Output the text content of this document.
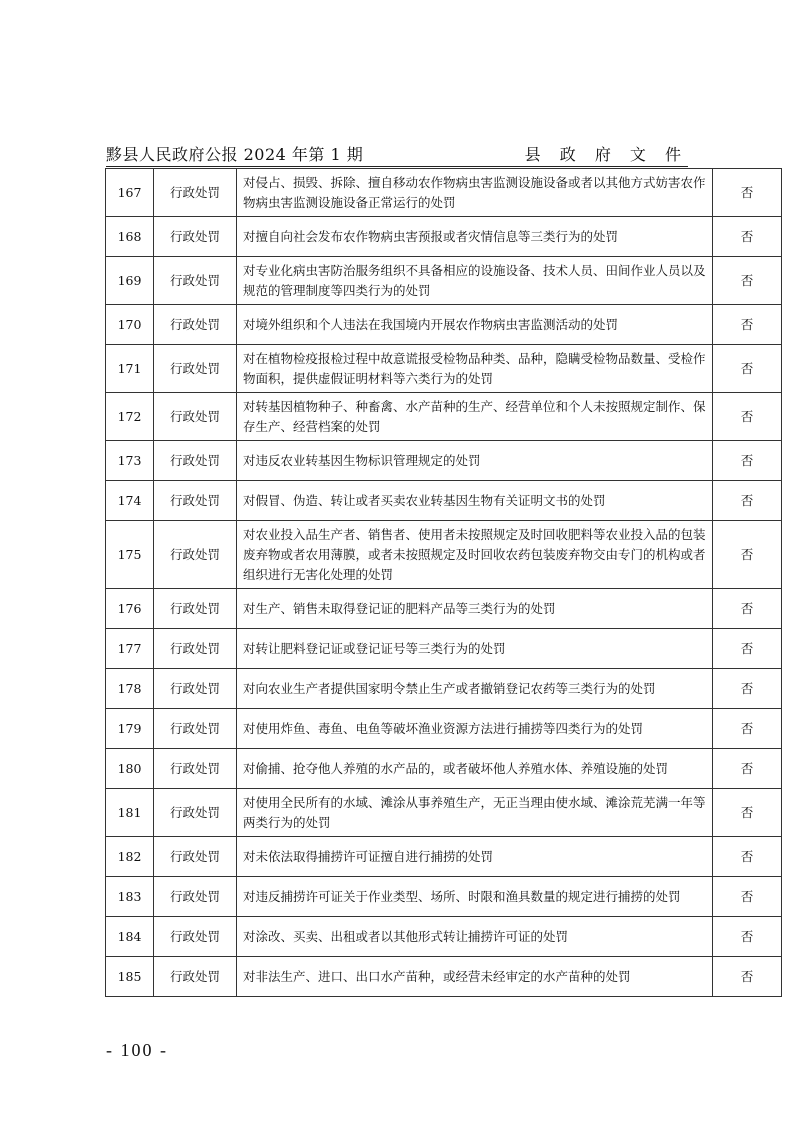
黟县人民政府公报 2024 年第 1 期	县 政 府 文 件
167	行政处罚	对侵占、损毁、拆除、擅自移动农作物病虫害监测设施设备或者以其他方式妨害农作物病虫害监测设施设备正常运行的处罚	否
168	行政处罚	对擅自向社会发布农作物病虫害预报或者灾情信息等三类行为的处罚	否
169	行政处罚	对专业化病虫害防治服务组织不具备相应的设施设备、技术人员、田间作业人员以及规范的管理制度等四类行为的处罚	否
170	行政处罚	对境外组织和个人违法在我国境内开展农作物病虫害监测活动的处罚	否
171	行政处罚	对在植物检疫报检过程中故意谎报受检物品种类、品种，隐瞒受检物品数量、受检作物面积，提供虚假证明材料等六类行为的处罚	否
172	行政处罚	对转基因植物种子、种畜禽、水产苗种的生产、经营单位和个人未按照规定制作、保存生产、经营档案的处罚	否
173	行政处罚	对违反农业转基因生物标识管理规定的处罚	否
174	行政处罚	对假冒、伪造、转让或者买卖农业转基因生物有关证明文书的处罚	否
175	行政处罚	对农业投入品生产者、销售者、使用者未按照规定及时回收肥料等农业投入品的包装废弃物或者农用薄膜，或者未按照规定及时回收农药包装废弃物交由专门的机构或者组织进行无害化处理的处罚	否
176	行政处罚	对生产、销售未取得登记证的肥料产品等三类行为的处罚	否
177	行政处罚	对转让肥料登记证或登记证号等三类行为的处罚	否
178	行政处罚	对向农业生产者提供国家明令禁止生产或者撤销登记农药等三类行为的处罚	否
179	行政处罚	对使用炸鱼、毒鱼、电鱼等破坏渔业资源方法进行捕捞等四类行为的处罚	否
180	行政处罚	对偷捕、抢夺他人养殖的水产品的，或者破坏他人养殖水体、养殖设施的处罚	否
181	行政处罚	对使用全民所有的水域、滩涂从事养殖生产，无正当理由使水域、滩涂荒芜满一年等两类行为的处罚	否
182	行政处罚	对未依法取得捕捞许可证擅自进行捕捞的处罚	否
183	行政处罚	对违反捕捞许可证关于作业类型、场所、时限和渔具数量的规定进行捕捞的处罚	否
184	行政处罚	对涂改、买卖、出租或者以其他形式转让捕捞许可证的处罚	否
185	行政处罚	对非法生产、进口、出口水产苗种，或经营未经审定的水产苗种的处罚	否
- 100 -
